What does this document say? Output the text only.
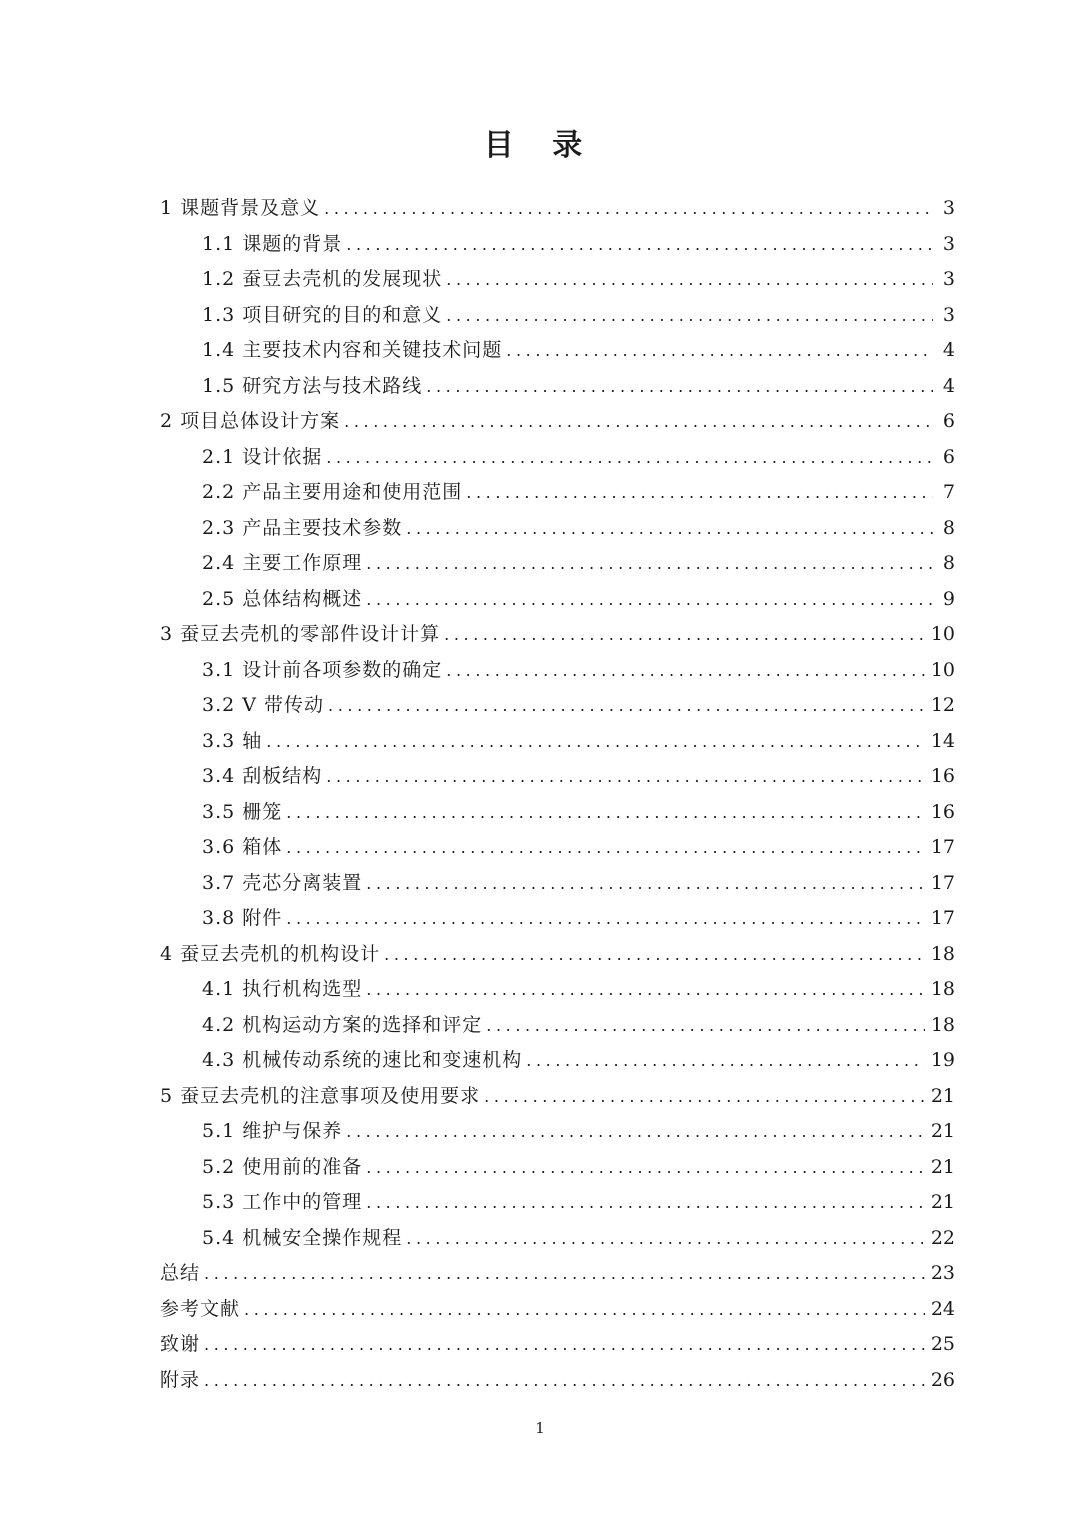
目 录
1 课题背景及意义 .....	3
1.1 课题的背景 .....	3
1.2 蚕豆去壳机的发展现状 .....	3
1.3 项目研究的目的和意义 .....	3
1.4 主要技术内容和关键技术问题 .....	4
1.5 研究方法与技术路线 .....	4
2 项目总体设计方案 .....	6
2.1 设计依据 .....	6
2.2 产品主要用途和使用范围 .....	7
2.3 产品主要技术参数 .....	8
2.4 主要工作原理 .....	8
2.5 总体结构概述 .....	9
3 蚕豆去壳机的零部件设计计算 .....	10
3.1 设计前各项参数的确定 .....	10
3.2 V 带传动 .....	12
3.3 轴 .....	14
3.4 刮板结构 .....	16
3.5 栅笼 .....	16
3.6 箱体 .....	17
3.7 壳芯分离装置 .....	17
3.8 附件 .....	17
4 蚕豆去壳机的机构设计 .....	18
4.1 执行机构选型 .....	18
4.2 机构运动方案的选择和评定 .....	18
4.3 机械传动系统的速比和变速机构 .....	19
5 蚕豆去壳机的注意事项及使用要求 .....	21
5.1 维护与保养 .....	21
5.2 使用前的准备 .....	21
5.3 工作中的管理 .....	21
5.4 机械安全操作规程 .....	22
总结 .....	23
参考文献 .....	24
致谢 .....	25
附录 .....	26
1
